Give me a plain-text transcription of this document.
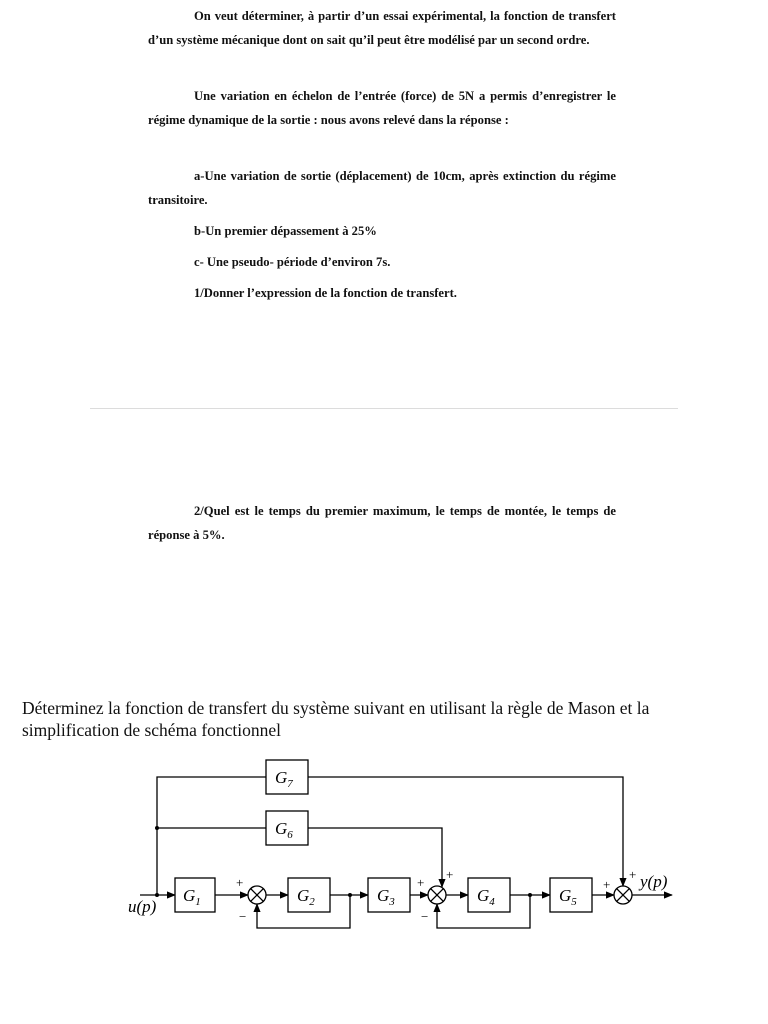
On veut déterminer, à partir d’un essai expérimental, la fonction de transfert d’un système mécanique dont on sait qu’il peut être modélisé par un second ordre.

Une variation en échelon de l’entrée (force) de 5N a permis d’enregistrer le régime dynamique de la sortie : nous avons relevé dans la réponse :

a-Une variation de sortie (déplacement) de 10cm, après extinction du régime transitoire.

b-Un premier dépassement à 25%

c- Une pseudo- période d’environ 7s.

1/Donner l’expression de la fonction de transfert.

2/Quel est le temps du premier maximum, le temps de montée, le temps de réponse à 5%.

Déterminez la fonction de transfert du système suivant en utilisant la règle de Mason et la simplification de schéma fonctionnel

$G_1$	$G_2$	$G_3$	$G_4$	$G_5$
$G_7$
$G_6$
u(p)
y(p)
+
−
+
+
−
+
+
